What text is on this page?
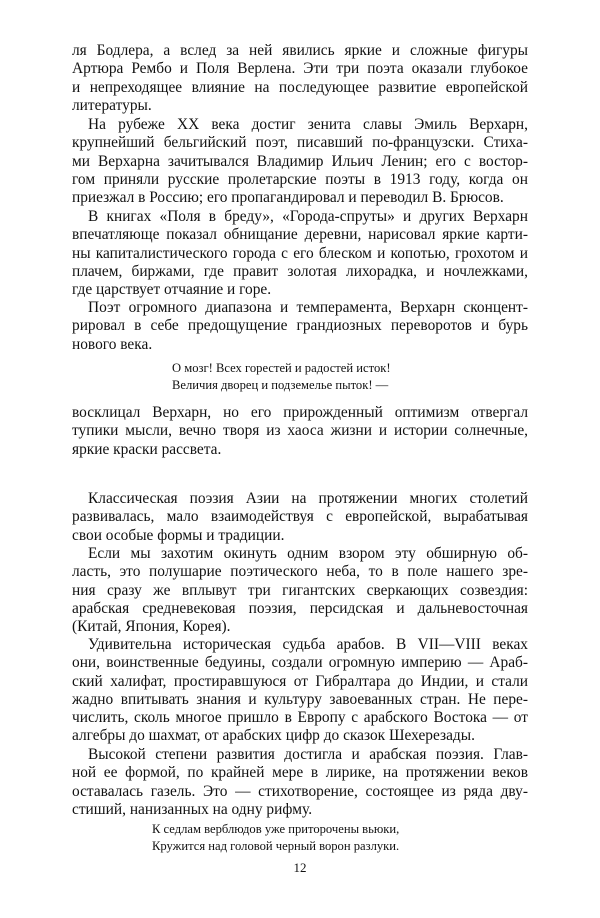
ля Бодлера, а вслед за ней явились яркие и сложные фигуры
Артюра Рембо и Поля Верлена. Эти три поэта оказали глубокое
и непреходящее влияние на последующее развитие европейской
литературы.

На рубеже XX века достиг зенита славы Эмиль Верхарн,
крупнейший бельгийский поэт, писавший по-французски. Стиха-
ми Верхарна зачитывался Владимир Ильич Ленин; его с востор-
гом приняли русские пролетарские поэты в 1913 году, когда он
приезжал в Россию; его пропагандировал и переводил В. Брюсов.

В книгах «Поля в бреду», «Города-спруты» и других Верхарн
впечатляюще показал обнищание деревни, нарисовал яркие карти-
ны капиталистического города с его блеском и копотью, грохотом и
плачем, биржами, где правит золотая лихорадка, и ночлежками,
где царствует отчаяние и горе.

Поэт огромного диапазона и темперамента, Верхарн сконцент-
рировал в себе предощущение грандиозных переворотов и бурь
нового века.

О мозг! Всех горестей и радостей исток!
Величия дворец и подземелье пыток! —

восклицал Верхарн, но его прирожденный оптимизм отвергал
тупики мысли, вечно творя из хаоса жизни и истории солнечные,
яркие краски рассвета.

Классическая поэзия Азии на протяжении многих столетий
развивалась, мало взаимодействуя с европейской, вырабатывая
свои особые формы и традиции.

Если мы захотим окинуть одним взором эту обширную об-
ласть, это полушарие поэтического неба, то в поле нашего зре-
ния сразу же вплывут три гигантских сверкающих созвездия:
арабская средневековая поэзия, персидская и дальневосточная
(Китай, Япония, Корея).

Удивительна историческая судьба арабов. В VII—VIII веках
они, воинственные бедуины, создали огромную империю — Араб-
ский халифат, простиравшуюся от Гибралтара до Индии, и стали
жадно впитывать знания и культуру завоеванных стран. Не пере-
числить, сколь многое пришло в Европу с арабского Востока — от
алгебры до шахмат, от арабских цифр до сказок Шехерезады.

Высокой степени развития достигла и арабская поэзия. Глав-
ной ее формой, по крайней мере в лирике, на протяжении веков
оставалась газель. Это — стихотворение, состоящее из ряда дву-
стиший, нанизанных на одну рифму.

К седлам верблюдов уже приторочены вьюки,
Кружится над головой черный ворон разлуки.
12
